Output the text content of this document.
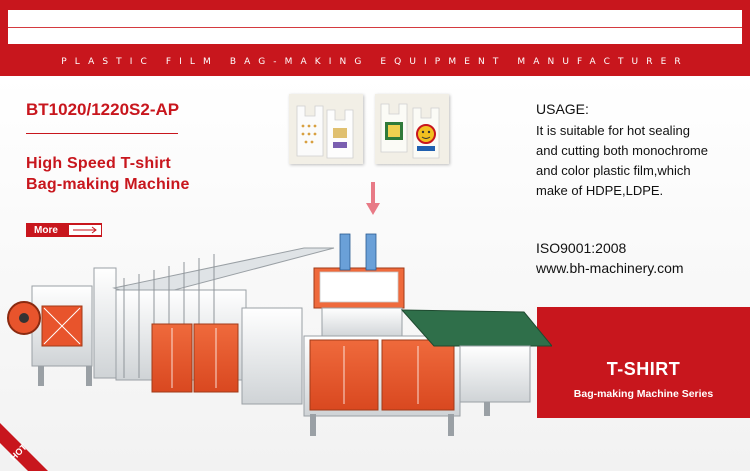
PLASTIC FILM BAG-MAKING EQUIPMENT MANUFACTURER
BT1020/1220S2-AP
High Speed T-shirt
Bag-making Machine
More
USAGE:
It is suitable for hot sealing
and cutting both monochrome
and color plastic film,which
make of HDPE,LDPE.
ISO9001:2008
www.bh-machinery.com
T-SHIRT
Bag-making Machine Series
HOT
